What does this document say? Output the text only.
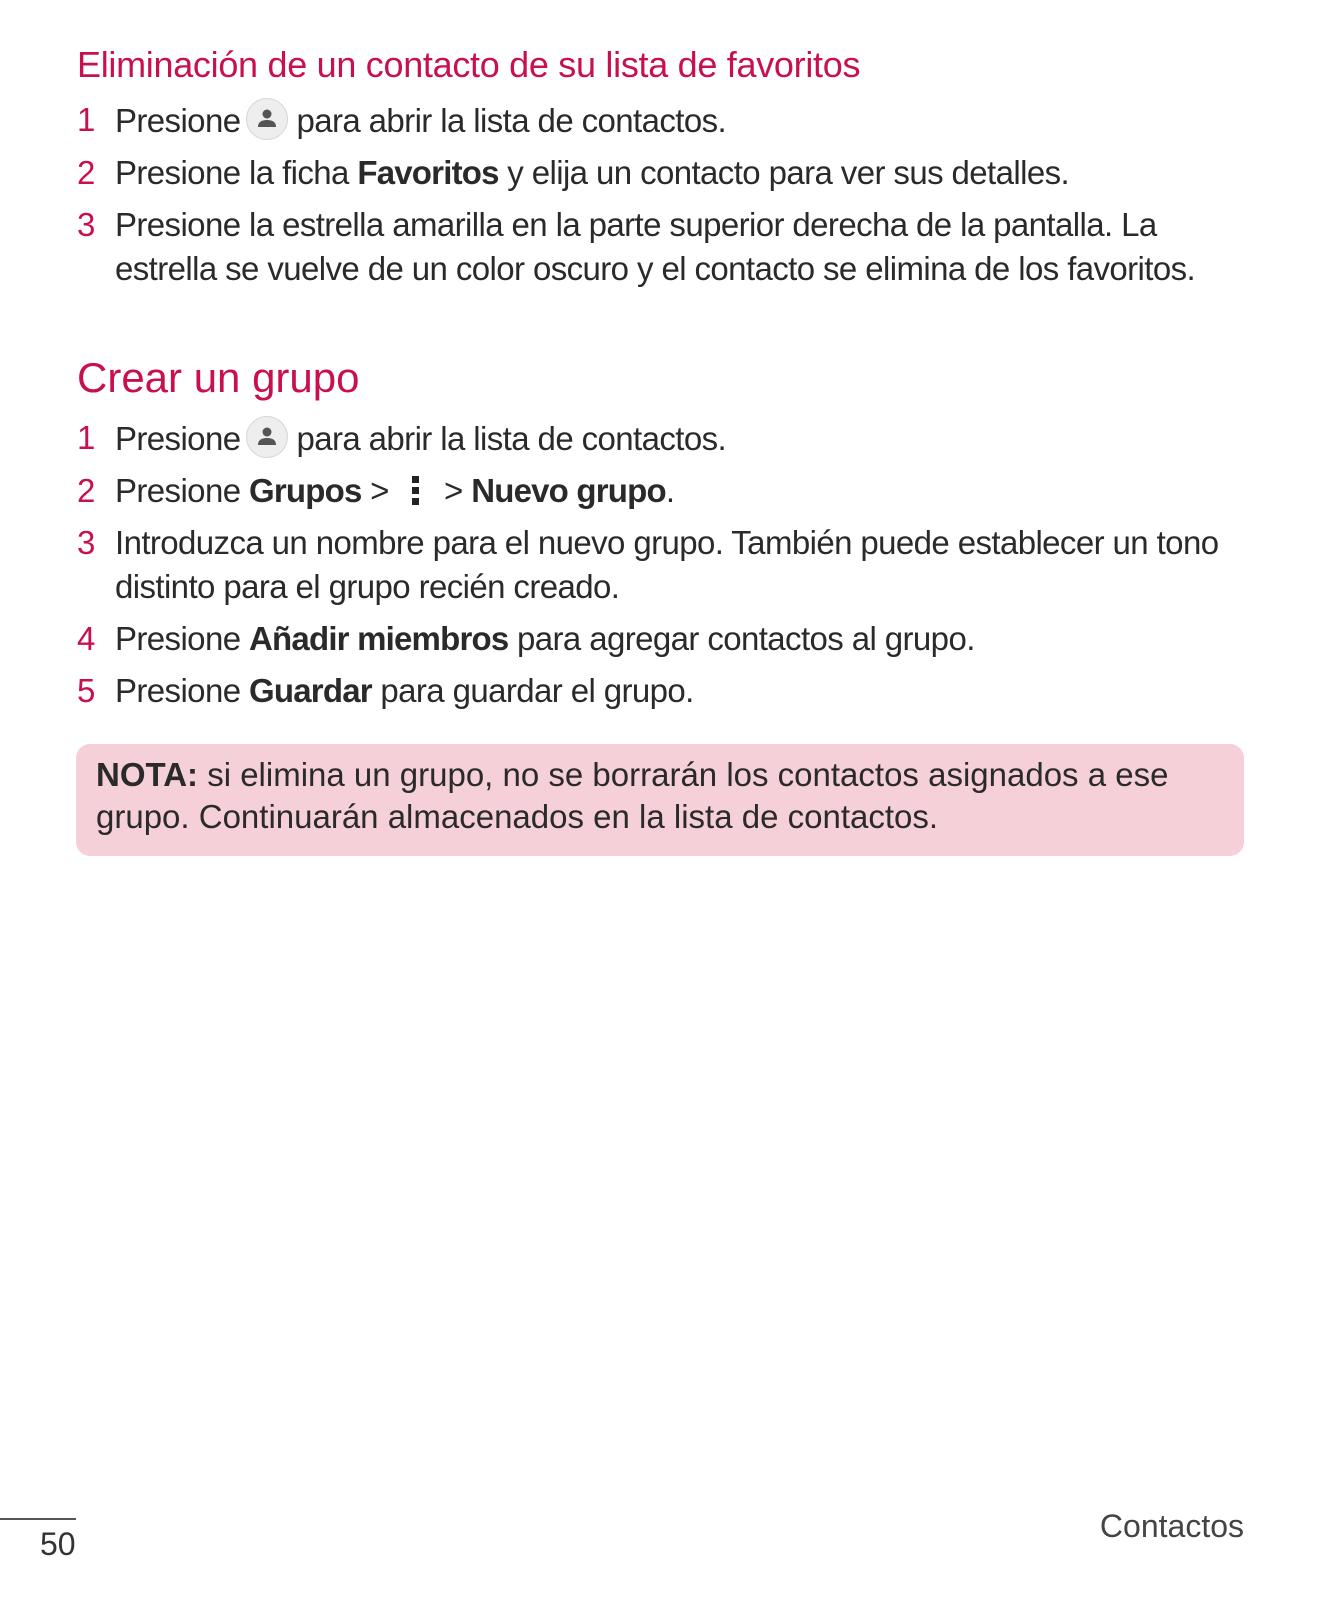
Eliminación de un contacto de su lista de favoritos
1 Presione para abrir la lista de contactos.
2 Presione la ficha Favoritos y elija un contacto para ver sus detalles.
3 Presione la estrella amarilla en la parte superior derecha de la pantalla. La estrella se vuelve de un color oscuro y el contacto se elimina de los favoritos.
Crear un grupo
1 Presione para abrir la lista de contactos.
2 Presione Grupos >  > Nuevo grupo.
3 Introduzca un nombre para el nuevo grupo. También puede establecer un tono distinto para el grupo recién creado.
4 Presione Añadir miembros para agregar contactos al grupo.
5 Presione Guardar para guardar el grupo.
NOTA: si elimina un grupo, no se borrarán los contactos asignados a ese grupo. Continuarán almacenados en la lista de contactos.
50	Contactos
